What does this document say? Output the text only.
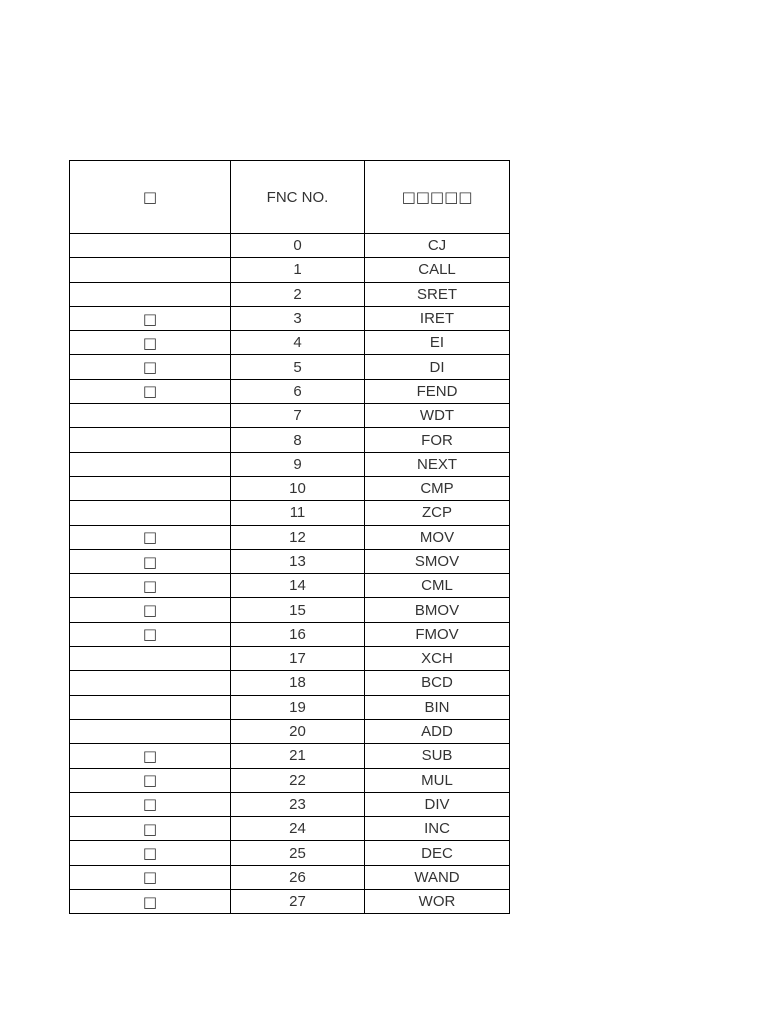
□	FNC NO.	□□□□□
	0	CJ
	1	CALL
	2	SRET
□	3	IRET
□	4	EI
□	5	DI
□	6	FEND
	7	WDT
	8	FOR
	9	NEXT
	10	CMP
	11	ZCP
□	12	MOV
□	13	SMOV
□	14	CML
□	15	BMOV
□	16	FMOV
	17	XCH
	18	BCD
	19	BIN
	20	ADD
□	21	SUB
□	22	MUL
□	23	DIV
□	24	INC
□	25	DEC
□	26	WAND
□	27	WOR
